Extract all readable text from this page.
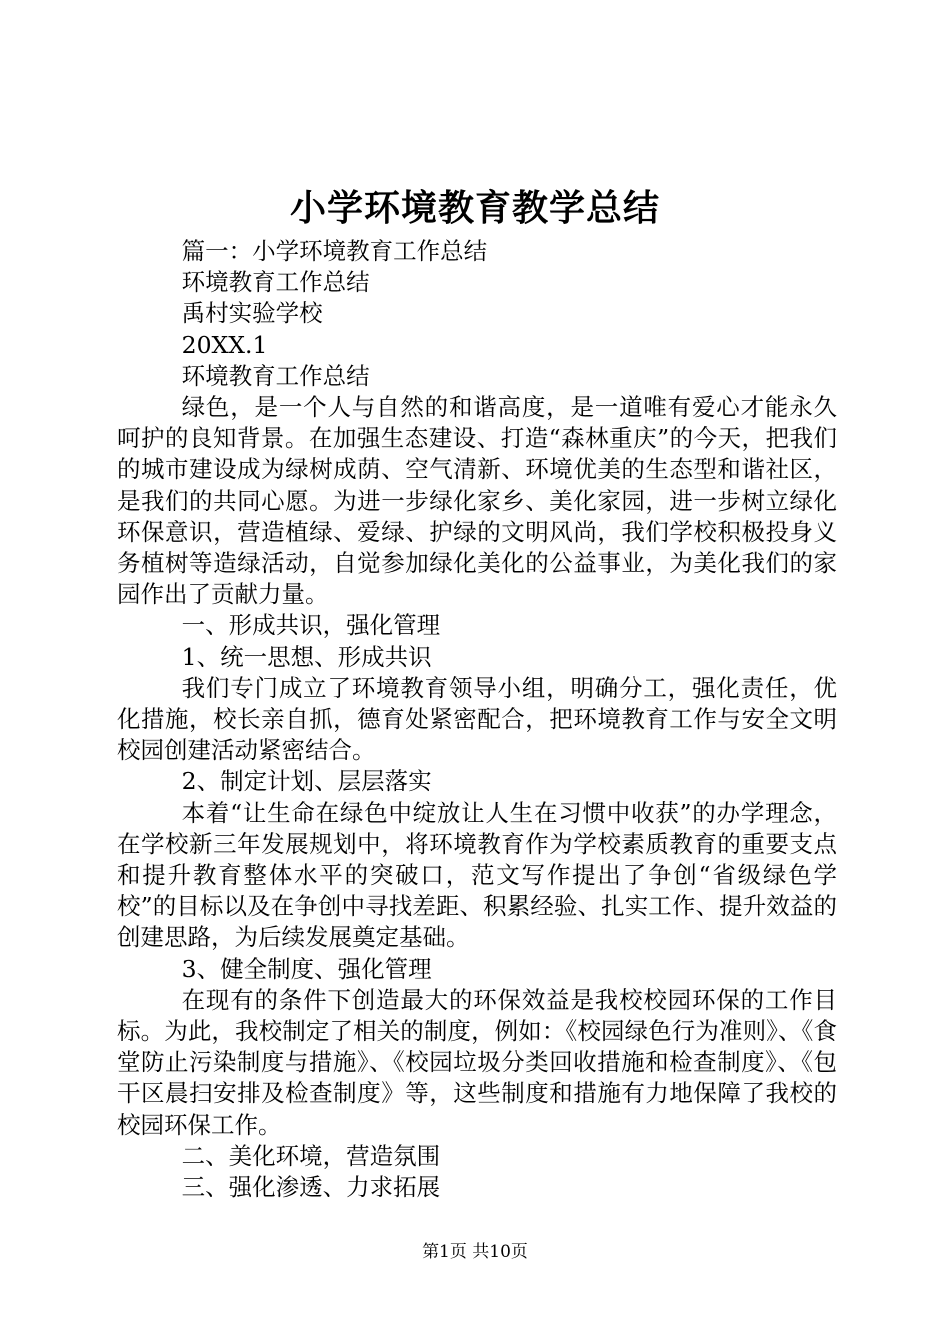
小学环境教育教学总结

篇一：小学环境教育工作总结

环境教育工作总结

禹村实验学校

20XX.1

环境教育工作总结

绿色，是一个人与自然的和谐高度，是一道唯有爱心才能永久呵护的良知背景。在加强生态建设、打造“森林重庆”的今天，把我们的城市建设成为绿树成荫、空气清新、环境优美的生态型和谐社区，是我们的共同心愿。为进一步绿化家乡、美化家园，进一步树立绿化环保意识，营造植绿、爱绿、护绿的文明风尚，我们学校积极投身义务植树等造绿活动，自觉参加绿化美化的公益事业，为美化我们的家园作出了贡献力量。

一、形成共识，强化管理

1、统一思想、形成共识

我们专门成立了环境教育领导小组，明确分工，强化责任，优化措施，校长亲自抓，德育处紧密配合，把环境教育工作与安全文明校园创建活动紧密结合。

2、制定计划、层层落实

本着“让生命在绿色中绽放让人生在习惯中收获”的办学理念，在学校新三年发展规划中，将环境教育作为学校素质教育的重要支点和提升教育整体水平的突破口，范文写作提出了争创“省级绿色学校”的目标以及在争创中寻找差距、积累经验、扎实工作、提升效益的创建思路，为后续发展奠定基础。

3、健全制度、强化管理

在现有的条件下创造最大的环保效益是我校校园环保的工作目标。为此，我校制定了相关的制度，例如：《校园绿色行为准则》、《食堂防止污染制度与措施》、《校园垃圾分类回收措施和检查制度》、《包干区晨扫安排及检查制度》等，这些制度和措施有力地保障了我校的校园环保工作。

二、美化环境，营造氛围

三、强化渗透、力求拓展

第1页 共10页
